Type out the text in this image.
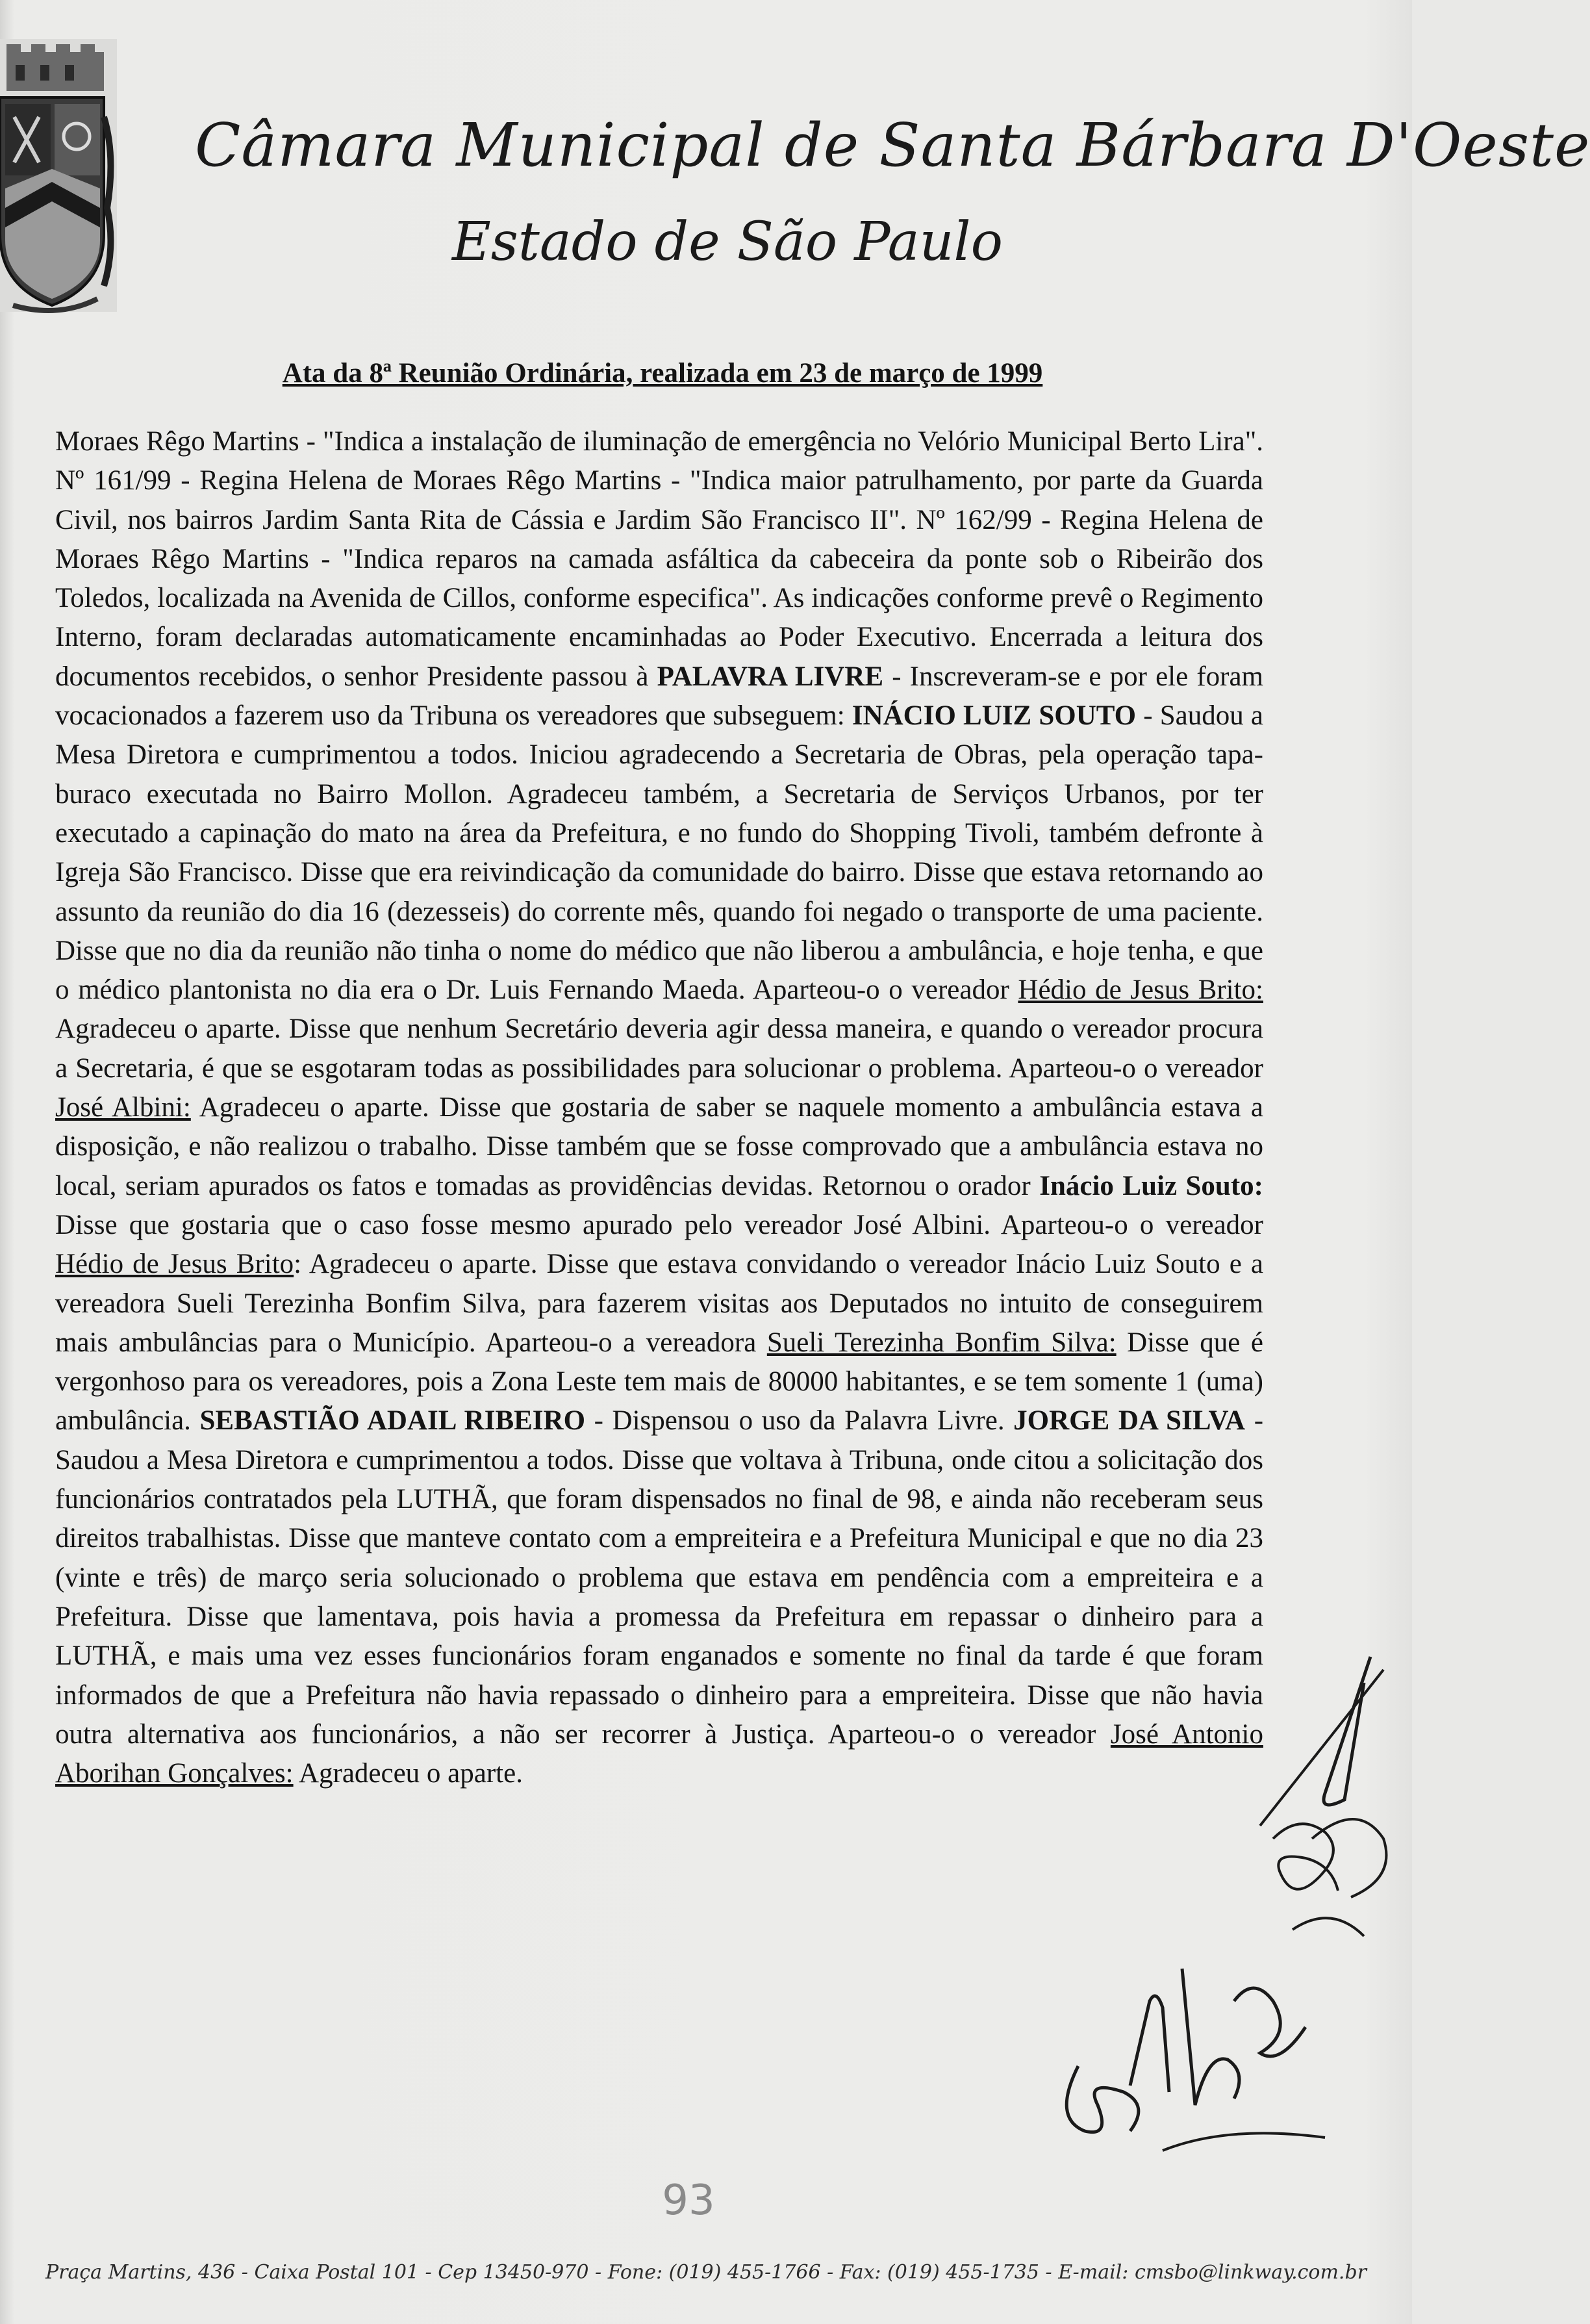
Câmara Municipal de Santa Bárbara D'Oeste
Estado de São Paulo
Ata da 8ª Reunião Ordinária, realizada em 23 de março de 1999

Moraes Rêgo Martins - "Indica a instalação de iluminação de emergência no Velório Municipal Berto Lira". Nº 161/99 - Regina Helena de Moraes Rêgo Martins - "Indica maior patrulhamento, por parte da Guarda Civil, nos bairros Jardim Santa Rita de Cássia e Jardim São Francisco II". Nº 162/99 - Regina Helena de Moraes Rêgo Martins - "Indica reparos na camada asfáltica da cabeceira da ponte sob o Ribeirão dos Toledos, localizada na Avenida de Cillos, conforme especifica". As indicações conforme prevê o Regimento Interno, foram declaradas automaticamente encaminhadas ao Poder Executivo. Encerrada a leitura dos documentos recebidos, o senhor Presidente passou à PALAVRA LIVRE - Inscreveram-se e por ele foram vocacionados a fazerem uso da Tribuna os vereadores que subseguem: INÁCIO LUIZ SOUTO - Saudou a Mesa Diretora e cumprimentou a todos. Iniciou agradecendo a Secretaria de Obras, pela operação tapa-buraco executada no Bairro Mollon. Agradeceu também, a Secretaria de Serviços Urbanos, por ter executado a capinação do mato na área da Prefeitura, e no fundo do Shopping Tivoli, também defronte à Igreja São Francisco. Disse que era reivindicação da comunidade do bairro. Disse que estava retornando ao assunto da reunião do dia 16 (dezesseis) do corrente mês, quando foi negado o transporte de uma paciente. Disse que no dia da reunião não tinha o nome do médico que não liberou a ambulância, e hoje tenha, e que o médico plantonista no dia era o Dr. Luis Fernando Maeda. Aparteou-o o vereador Hédio de Jesus Brito: Agradeceu o aparte. Disse que nenhum Secretário deveria agir dessa maneira, e quando o vereador procura a Secretaria, é que se esgotaram todas as possibilidades para solucionar o problema. Aparteou-o o vereador José Albini: Agradeceu o aparte. Disse que gostaria de saber se naquele momento a ambulância estava a disposição, e não realizou o trabalho. Disse também que se fosse comprovado que a ambulância estava no local, seriam apurados os fatos e tomadas as providências devidas. Retornou o orador Inácio Luiz Souto: Disse que gostaria que o caso fosse mesmo apurado pelo vereador José Albini. Aparteou-o o vereador Hédio de Jesus Brito: Agradeceu o aparte. Disse que estava convidando o vereador Inácio Luiz Souto e a vereadora Sueli Terezinha Bonfim Silva, para fazerem visitas aos Deputados no intuito de conseguirem mais ambulâncias para o Município. Aparteou-o a vereadora Sueli Terezinha Bonfim Silva: Disse que é vergonhoso para os vereadores, pois a Zona Leste tem mais de 80000 habitantes, e se tem somente 1 (uma) ambulância. SEBASTIÃO ADAIL RIBEIRO - Dispensou o uso da Palavra Livre. JORGE DA SILVA - Saudou a Mesa Diretora e cumprimentou a todos. Disse que voltava à Tribuna, onde citou a solicitação dos funcionários contratados pela LUTHÃ, que foram dispensados no final de 98, e ainda não receberam seus direitos trabalhistas. Disse que manteve contato com a empreiteira e a Prefeitura Municipal e que no dia 23 (vinte e três) de março seria solucionado o problema que estava em pendência com a empreiteira e a Prefeitura. Disse que lamentava, pois havia a promessa da Prefeitura em repassar o dinheiro para a LUTHÃ, e mais uma vez esses funcionários foram enganados e somente no final da tarde é que foram informados de que a Prefeitura não havia repassado o dinheiro para a empreiteira. Disse que não havia outra alternativa aos funcionários, a não ser recorrer à Justiça. Aparteou-o o vereador José Antonio Aborihan Gonçalves: Agradeceu o aparte.

93
Praça Martins, 436 - Caixa Postal 101 - Cep 13450-970 - Fone: (019) 455-1766 - Fax: (019) 455-1735 - E-mail: cmsbo@linkway.com.br
